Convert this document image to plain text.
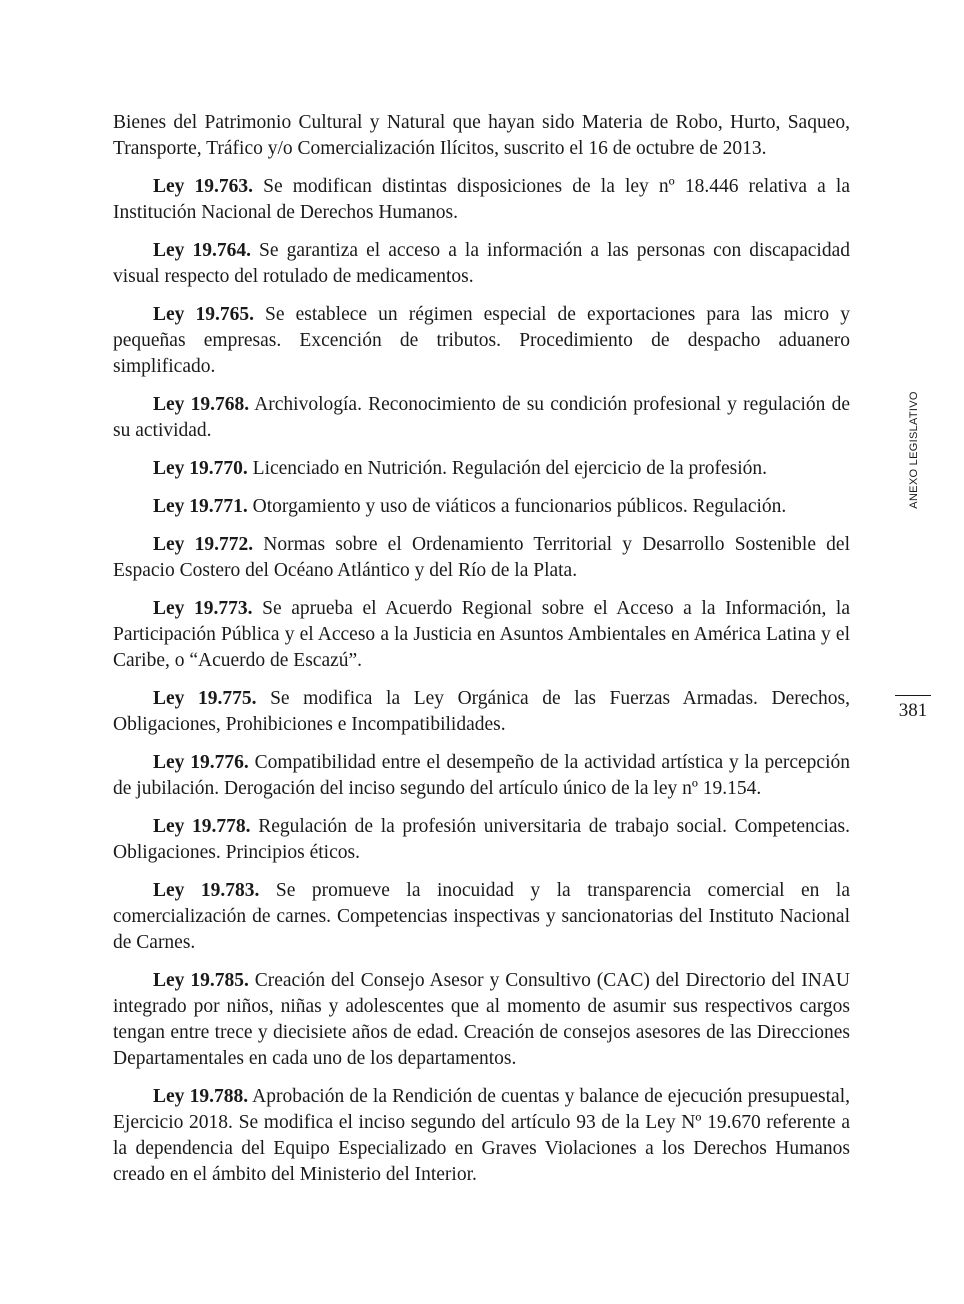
Bienes del Patrimonio Cultural y Natural que hayan sido Materia de Robo, Hurto, Saqueo, Transporte, Tráfico y/o Comercialización Ilícitos, suscrito el 16 de octubre de 2013.

Ley 19.763. Se modifican distintas disposiciones de la ley nº 18.446 relativa a la Institución Nacional de Derechos Humanos.

Ley 19.764. Se garantiza el acceso a la información a las personas con discapacidad visual respecto del rotulado de medicamentos.

Ley 19.765. Se establece un régimen especial de exportaciones para las micro y pequeñas empresas. Excención de tributos. Procedimiento de despacho aduanero simplificado.

Ley 19.768. Archivología. Reconocimiento de su condición profesional y regulación de su actividad.

Ley 19.770. Licenciado en Nutrición. Regulación del ejercicio de la profesión.

Ley 19.771. Otorgamiento y uso de viáticos a funcionarios públicos. Regulación.

Ley 19.772. Normas sobre el Ordenamiento Territorial y Desarrollo Sostenible del Espacio Costero del Océano Atlántico y del Río de la Plata.

Ley 19.773. Se aprueba el Acuerdo Regional sobre el Acceso a la Información, la Participación Pública y el Acceso a la Justicia en Asuntos Ambientales en América Latina y el Caribe, o “Acuerdo de Escazú”.

Ley 19.775. Se modifica la Ley Orgánica de las Fuerzas Armadas. Derechos, Obligaciones, Prohibiciones e Incompatibilidades.

Ley 19.776. Compatibilidad entre el desempeño de la actividad artística y la percepción de jubilación. Derogación del inciso segundo del artículo único de la ley nº 19.154.

Ley 19.778. Regulación de la profesión universitaria de trabajo social. Competencias. Obligaciones. Principios éticos.

Ley 19.783. Se promueve la inocuidad y la transparencia comercial en la comercialización de carnes. Competencias inspectivas y sancionatorias del Instituto Nacional de Carnes.

Ley 19.785. Creación del Consejo Asesor y Consultivo (CAC) del Directorio del INAU integrado por niños, niñas y adolescentes que al momento de asumir sus respectivos cargos tengan entre trece y diecisiete años de edad. Creación de consejos asesores de las Direcciones Departamentales en cada uno de los departamentos.

Ley 19.788. Aprobación de la Rendición de cuentas y balance de ejecución presupuestal, Ejercicio 2018. Se modifica el inciso segundo del artículo 93 de la Ley Nº 19.670 referente a la dependencia del Equipo Especializado en Graves Violaciones a los Derechos Humanos creado en el ámbito del Ministerio del Interior.

ANEXO LEGISLATIVO
381
